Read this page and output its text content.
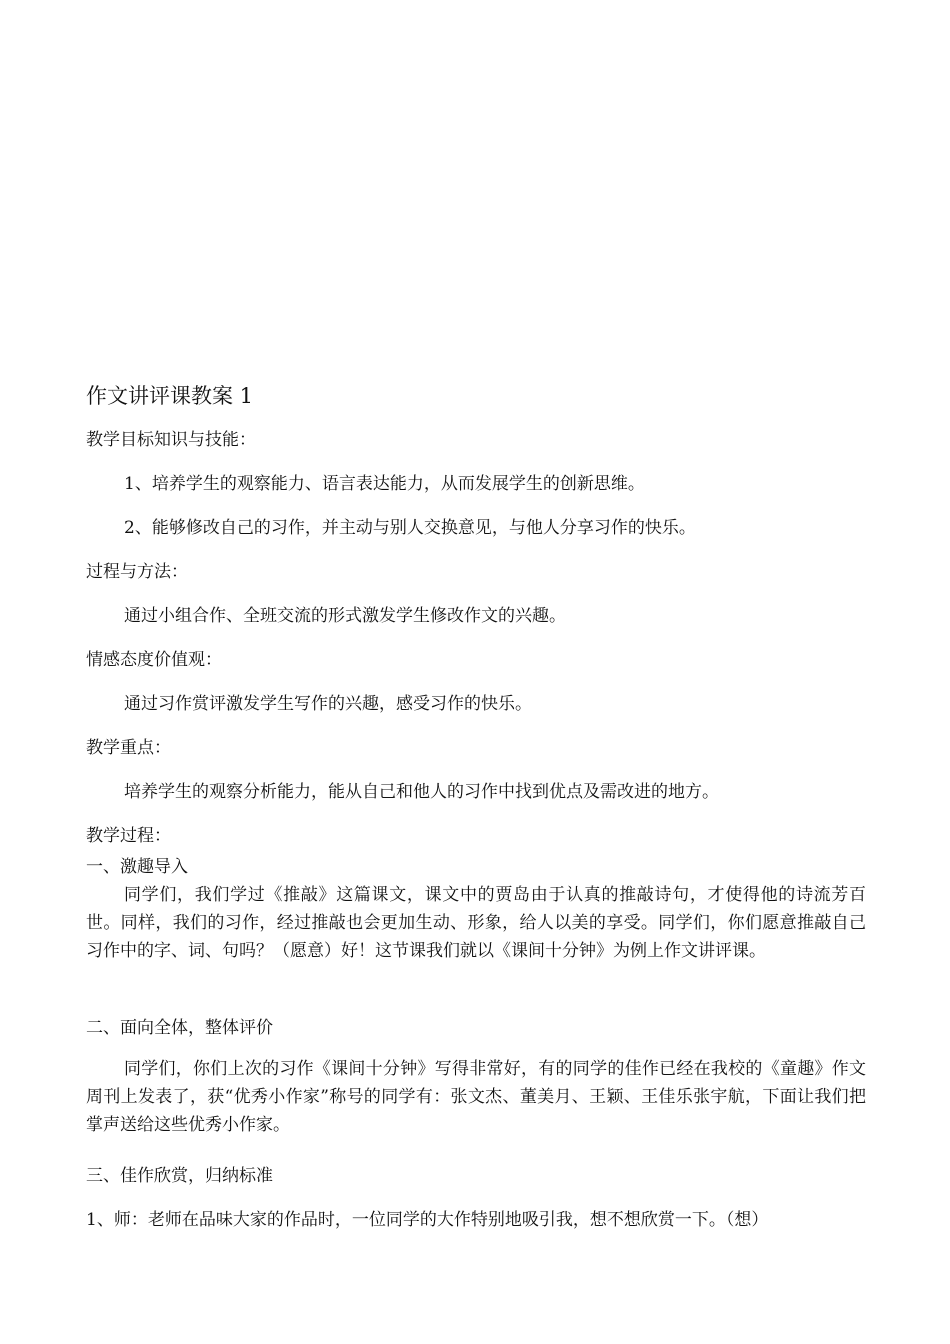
作文讲评课教案 1
教学目标知识与技能：
1、培养学生的观察能力、语言表达能力，从而发展学生的创新思维。
2、能够修改自己的习作，并主动与别人交换意见，与他人分享习作的快乐。
过程与方法：
通过小组合作、全班交流的形式激发学生修改作文的兴趣。
情感态度价值观：
通过习作赏评激发学生写作的兴趣，感受习作的快乐。
教学重点：
培养学生的观察分析能力，能从自己和他人的习作中找到优点及需改进的地方。
教学过程：
一、激趣导入
同学们，我们学过《推敲》这篇课文，课文中的贾岛由于认真的推敲诗句，才使得他的诗流芳百世。同样，我们的习作，经过推敲也会更加生动、形象，给人以美的享受。同学们，你们愿意推敲自己习作中的字、词、句吗？（愿意）好！这节课我们就以《课间十分钟》为例上作文讲评课。
二、面向全体，整体评价
同学们，你们上次的习作《课间十分钟》写得非常好，有的同学的佳作已经在我校的《童趣》作文周刊上发表了，获“优秀小作家”称号的同学有：张文杰、董美月、王颖、王佳乐张宇航，下面让我们把掌声送给这些优秀小作家。
三、佳作欣赏，归纳标准
1、师：老师在品味大家的作品时，一位同学的大作特别地吸引我，想不想欣赏一下。（想）
